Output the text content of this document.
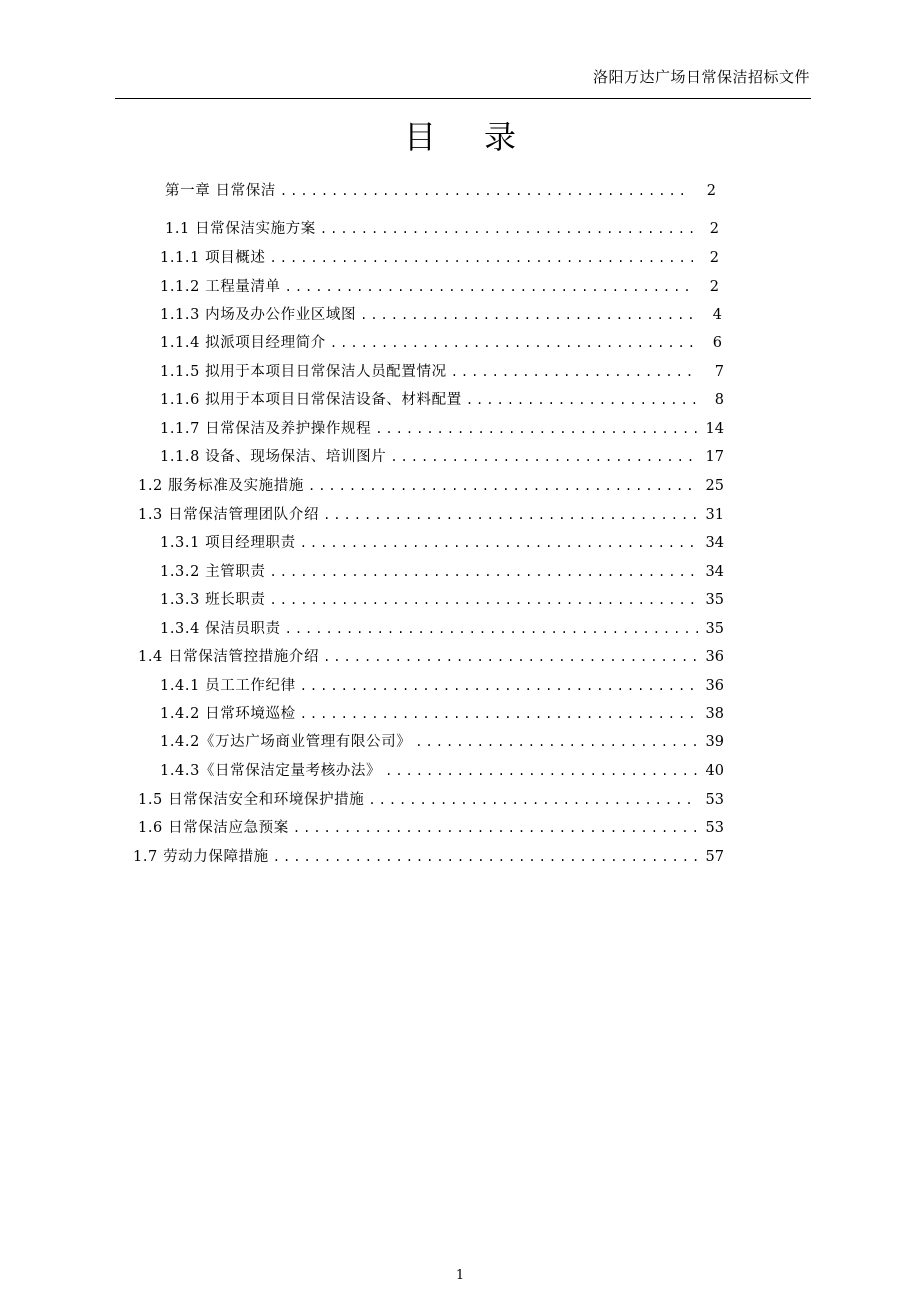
洛阳万达广场日常保洁招标文件
目录
第一章 日常保洁 .....	2
1.1 日常保洁实施方案 .....	2
1.1.1 项目概述 .....	2
1.1.2 工程量清单 .....	2
1.1.3 内场及办公作业区域图 .....	4
1.1.4 拟派项目经理简介 .....	6
1.1.5 拟用于本项目日常保洁人员配置情况 .....	7
1.1.6 拟用于本项目日常保洁设备、材料配置 .....	8
1.1.7 日常保洁及养护操作规程 .....	14
1.1.8 设备、现场保洁、培训图片 .....	17
1.2 服务标准及实施措施 .....	25
1.3 日常保洁管理团队介绍 .....	31
1.3.1 项目经理职责 .....	34
1.3.2 主管职责 .....	34
1.3.3 班长职责 .....	35
1.3.4 保洁员职责 .....	35
1.4 日常保洁管控措施介绍 .....	36
1.4.1 员工工作纪律 .....	36
1.4.2 日常环境巡检 .....	38
1.4.2《万达广场商业管理有限公司》 .....	39
1.4.3《日常保洁定量考核办法》 .....	40
1.5 日常保洁安全和环境保护措施 .....	53
1.6 日常保洁应急预案 .....	53
1.7 劳动力保障措施 .....	57
1
